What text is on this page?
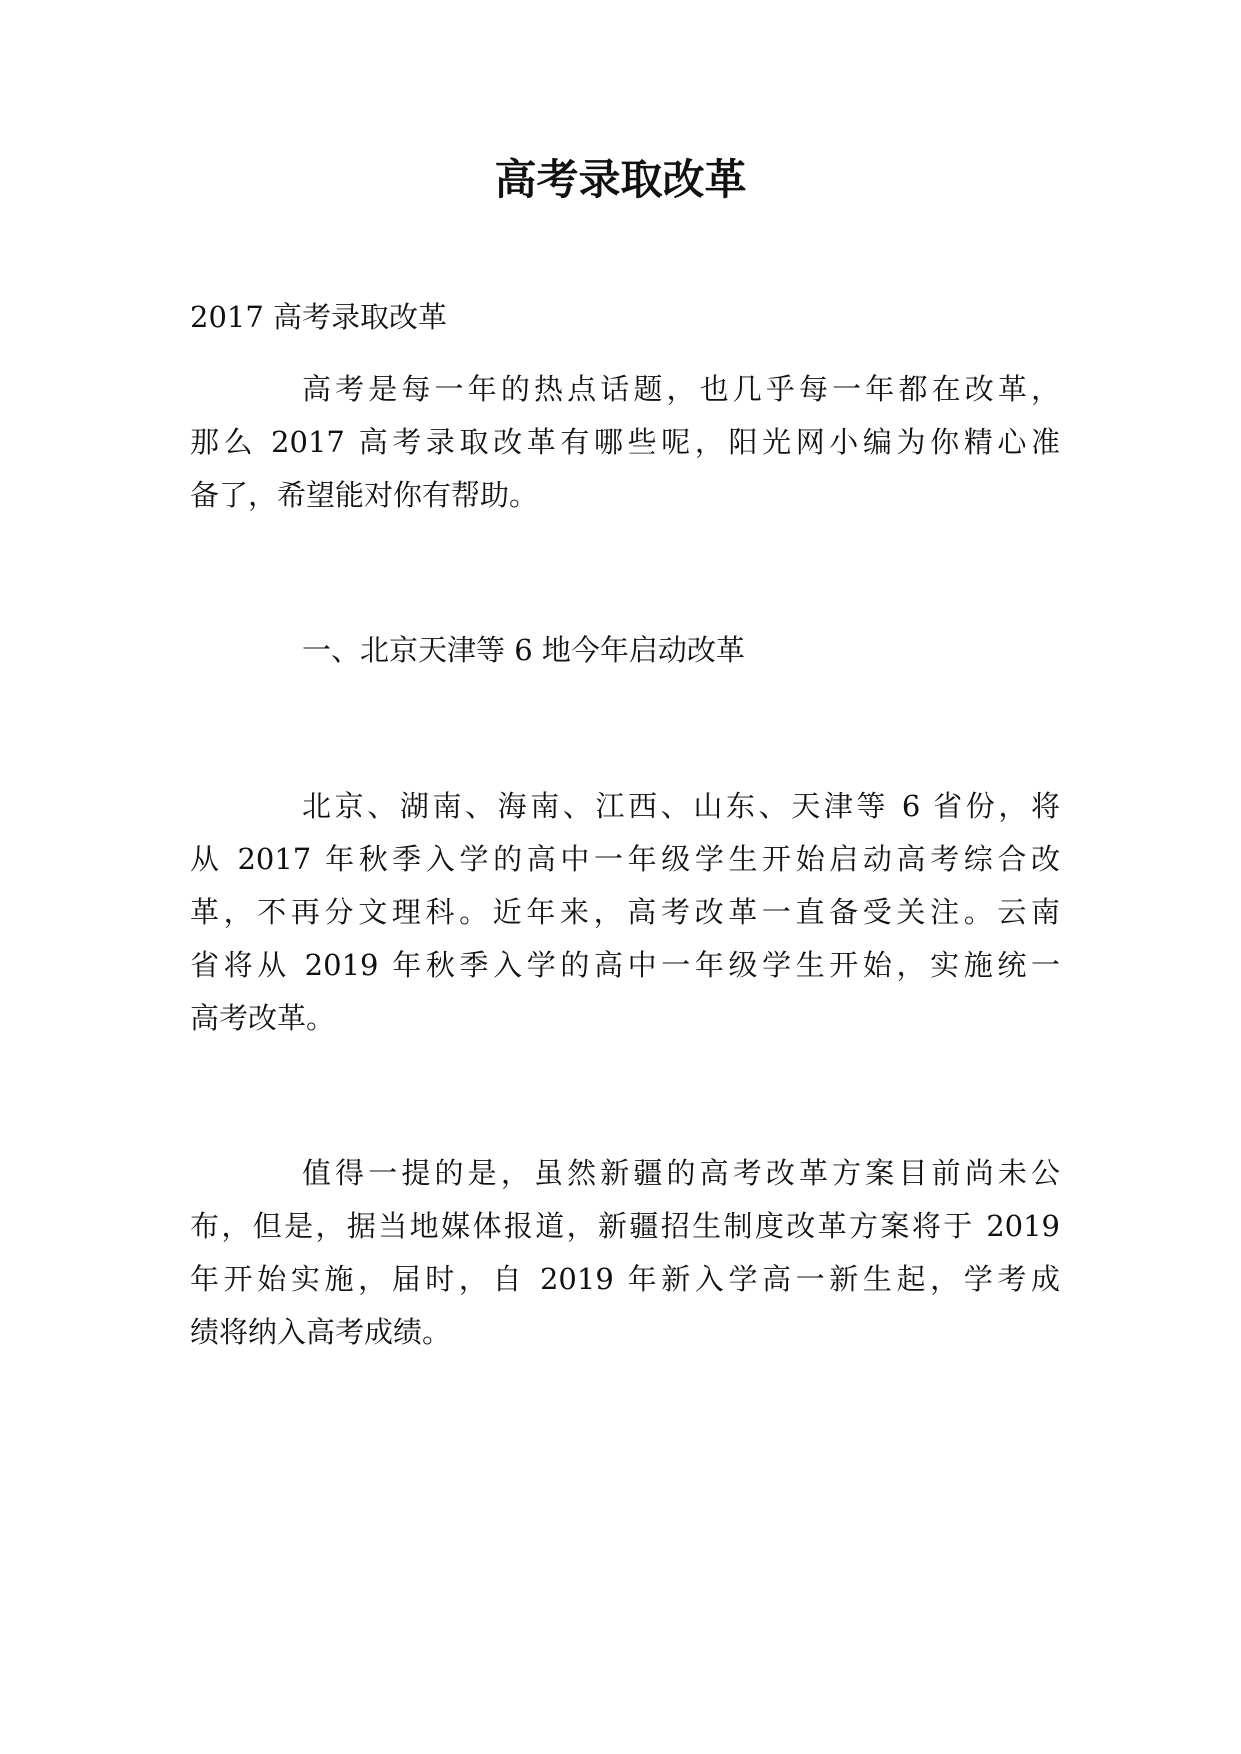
高考录取改革
2017 高考录取改革
高考是每一年的热点话题，也几乎每一年都在改革，
那么 2017 高考录取改革有哪些呢，阳光网小编为你精心准
备了，希望能对你有帮助。
一、北京天津等 6 地今年启动改革
北京、湖南、海南、江西、山东、天津等 6 省份，将
从 2017 年秋季入学的高中一年级学生开始启动高考综合改
革，不再分文理科。近年来，高考改革一直备受关注。云南
省将从 2019 年秋季入学的高中一年级学生开始，实施统一
高考改革。
值得一提的是，虽然新疆的高考改革方案目前尚未公
布，但是，据当地媒体报道，新疆招生制度改革方案将于 2019
年开始实施，届时，自 2019 年新入学高一新生起，学考成
绩将纳入高考成绩。
